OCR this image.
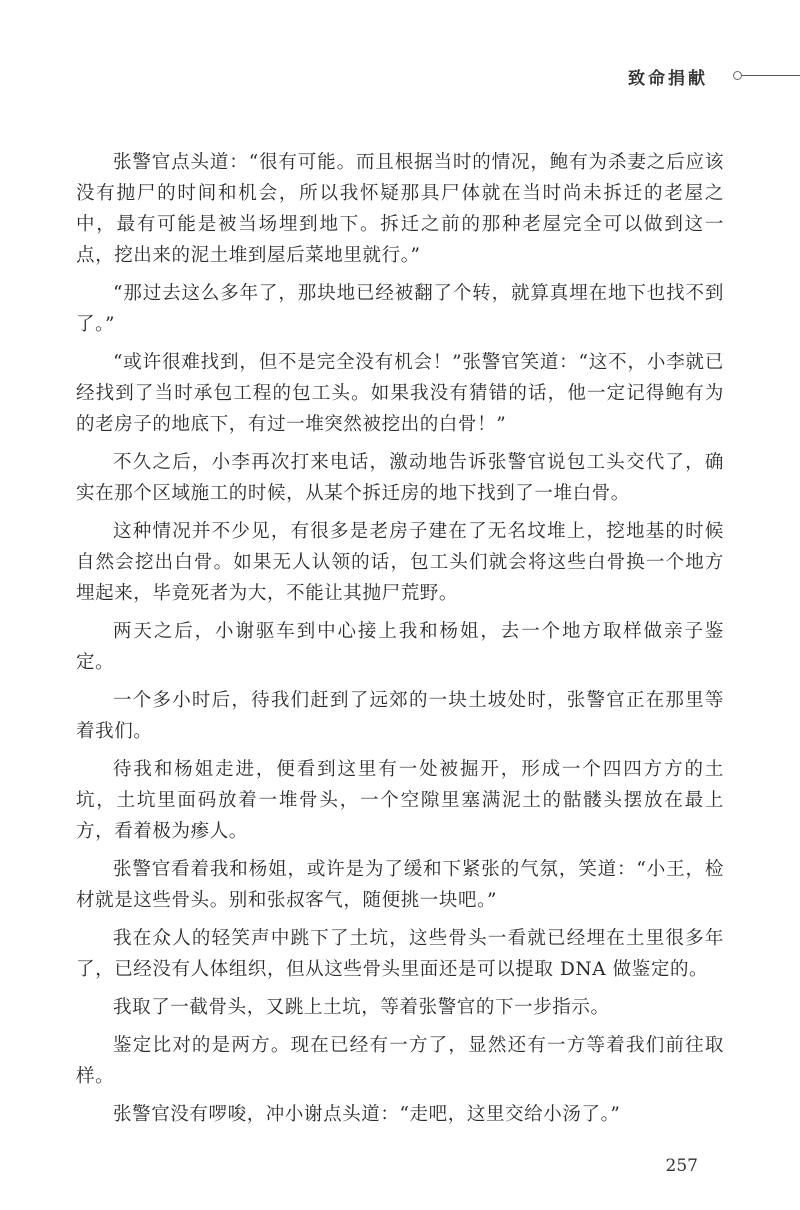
致命捐献

张警官点头道：“很有可能。而且根据当时的情况，鲍有为杀妻之后应该没有抛尸的时间和机会，所以我怀疑那具尸体就在当时尚未拆迁的老屋之中，最有可能是被当场埋到地下。拆迁之前的那种老屋完全可以做到这一点，挖出来的泥土堆到屋后菜地里就行。”

“那过去这么多年了，那块地已经被翻了个转，就算真埋在地下也找不到了。”

“或许很难找到，但不是完全没有机会！”张警官笑道：“这不，小李就已经找到了当时承包工程的包工头。如果我没有猜错的话，他一定记得鲍有为的老房子的地底下，有过一堆突然被挖出的白骨！”

不久之后，小李再次打来电话，激动地告诉张警官说包工头交代了，确实在那个区域施工的时候，从某个拆迁房的地下找到了一堆白骨。

这种情况并不少见，有很多是老房子建在了无名坟堆上，挖地基的时候自然会挖出白骨。如果无人认领的话，包工头们就会将这些白骨换一个地方埋起来，毕竟死者为大，不能让其抛尸荒野。

两天之后，小谢驱车到中心接上我和杨姐，去一个地方取样做亲子鉴定。

一个多小时后，待我们赶到了远郊的一块土坡处时，张警官正在那里等着我们。

待我和杨姐走进，便看到这里有一处被掘开，形成一个四四方方的土坑，土坑里面码放着一堆骨头，一个空隙里塞满泥土的骷髅头摆放在最上方，看着极为瘆人。

张警官看着我和杨姐，或许是为了缓和下紧张的气氛，笑道：“小王，检材就是这些骨头。别和张叔客气，随便挑一块吧。”

我在众人的轻笑声中跳下了土坑，这些骨头一看就已经埋在土里很多年了，已经没有人体组织，但从这些骨头里面还是可以提取 DNA 做鉴定的。

我取了一截骨头，又跳上土坑，等着张警官的下一步指示。

鉴定比对的是两方。现在已经有一方了，显然还有一方等着我们前往取样。

张警官没有啰唆，冲小谢点头道：“走吧，这里交给小汤了。”

257
